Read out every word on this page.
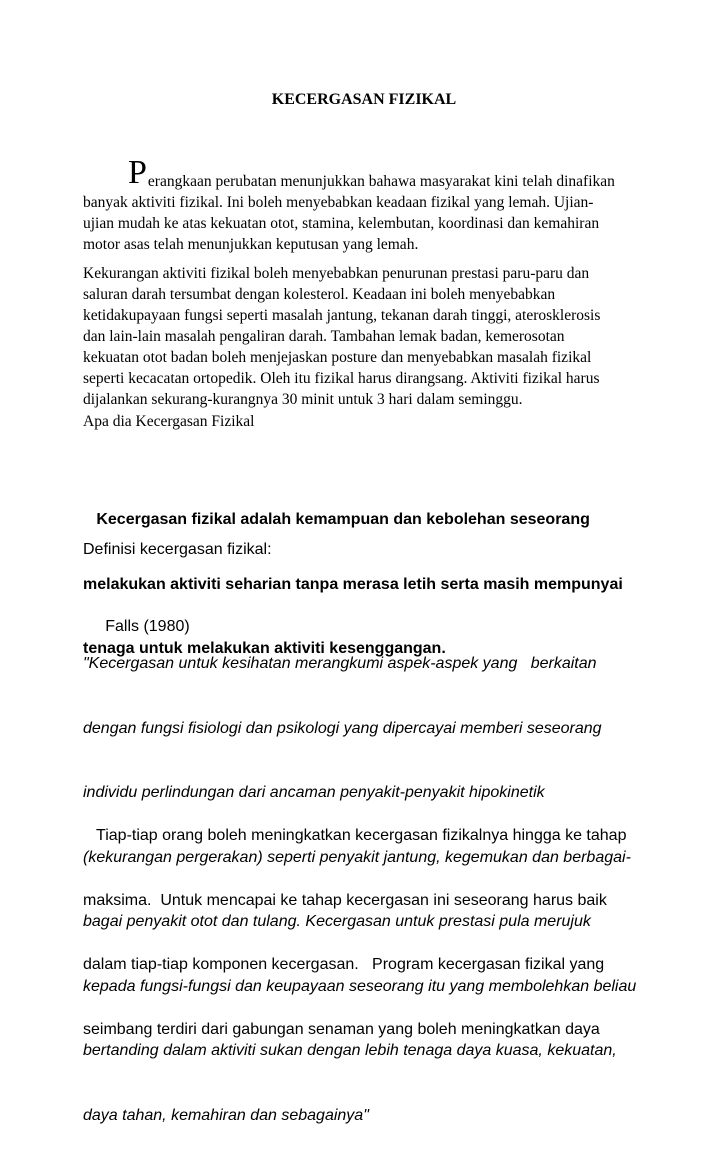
KECERGASAN FIZIKAL
Perangkaan perubatan menunjukkan bahawa masyarakat kini telah dinafikan
banyak aktiviti fizikal. Ini boleh menyebabkan keadaan fizikal yang lemah. Ujian-
ujian mudah ke atas kekuatan otot, stamina, kelembutan, koordinasi dan kemahiran
motor asas telah menunjukkan keputusan yang lemah.
Kekurangan aktiviti fizikal boleh menyebabkan penurunan prestasi paru-paru dan
saluran darah tersumbat dengan kolesterol. Keadaan ini boleh menyebabkan
ketidakupayaan fungsi seperti masalah jantung, tekanan darah tinggi, aterosklerosis
dan lain-lain masalah pengaliran darah. Tambahan lemak badan, kemerosotan
kekuatan otot badan boleh menjejaskan posture dan menyebabkan masalah fizikal
seperti kecacatan ortopedik. Oleh itu fizikal harus dirangsang. Aktiviti fizikal harus
dijalankan sekurang-kurangnya 30 minit untuk 3 hari dalam seminggu.
Apa dia Kecergasan Fizikal

Kecergasan fizikal adalah kemampuan dan kebolehan seseorang

melakukan aktiviti seharian tanpa merasa letih serta masih mempunyai

tenaga untuk melakukan aktiviti kesenggangan.

Definisi kecergasan fizikal:

Falls (1980)

"Kecergasan untuk kesihatan merangkumi aspek-aspek yang   berkaitan

dengan fungsi fisiologi dan psikologi yang dipercayai memberi seseorang

individu perlindungan dari ancaman penyakit-penyakit hipokinetik

(kekurangan pergerakan) seperti penyakit jantung, kegemukan dan berbagai-

bagai penyakit otot dan tulang. Kecergasan untuk prestasi pula merujuk

kepada fungsi-fungsi dan keupayaan seseorang itu yang membolehkan beliau

bertanding dalam aktiviti sukan dengan lebih tenaga daya kuasa, kekuatan,

daya tahan, kemahiran dan sebagainya"

Tiap-tiap orang boleh meningkatkan kecergasan fizikalnya hingga ke tahap

maksima.  Untuk mencapai ke tahap kecergasan ini seseorang harus baik

dalam tiap-tiap komponen kecergasan.   Program kecergasan fizikal yang

seimbang terdiri dari gabungan senaman yang boleh meningkatkan daya
